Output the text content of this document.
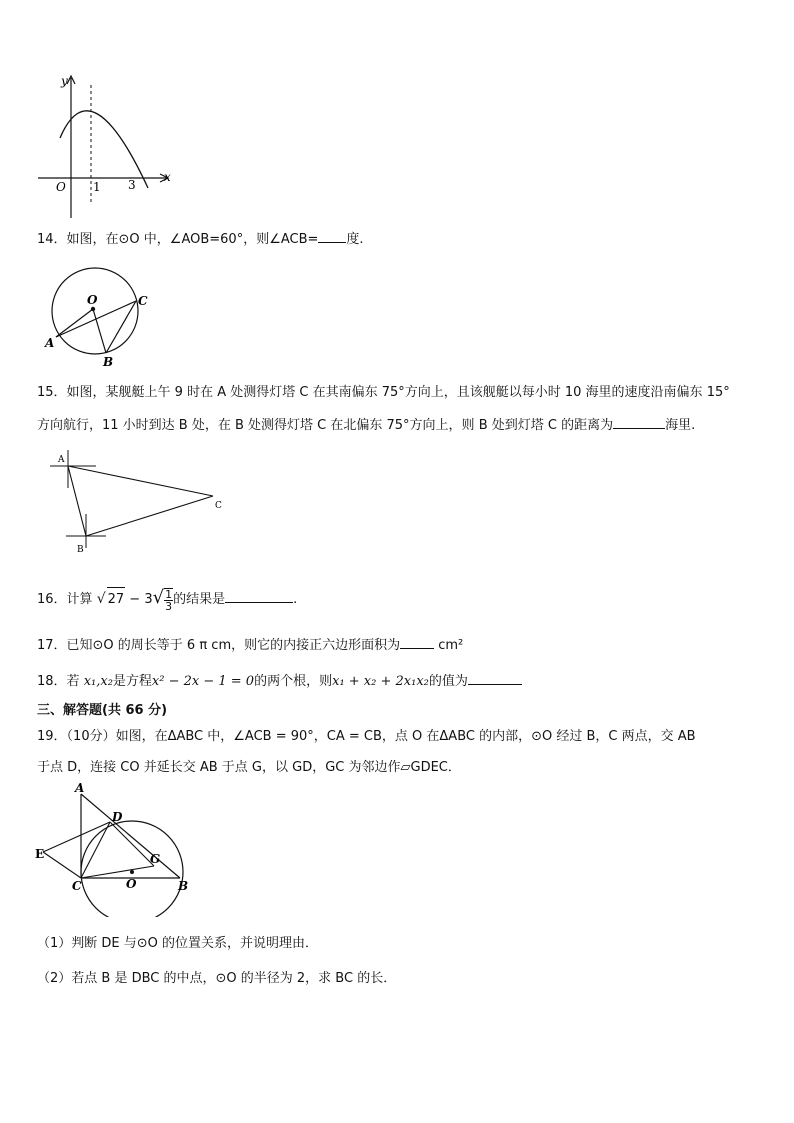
y
x
O 1 3
14．如图，在⊙O 中，∠AOB=60°，则∠ACB= 度.
O
A
B
C
15．如图，某舰艇上午 9 时在 A 处测得灯塔 C 在其南偏东 75°方向上，且该舰艇以每小时 10 海里的速度沿南偏东 15°
方向航行，11 小时到达 B 处，在 B 处测得灯塔 C 在北偏东 75°方向上，则 B 处到灯塔 C 的距离为	海里.
A
B
C
16．计算 √ $27 - 3√ \frac{1}{3}$ 的结果是	.
17．已知⊙O 的周长等于 6 π cm，则它的内接正六边形面积为	cm²
18．若 x₁,x₂是方程x² − 2x − 1 = 0的两个根，则x₁ + x₂ + 2x₁x₂的值为
三、解答题(共 66 分)
19．（10分）如图，在ΔABC 中，∠ACB = 90°，CA = CB，点 O 在ΔABC 的内部，⊙O 经过 B，C 两点，交 AB
于点 D，连接 CO 并延长交 AB 于点 G，以 GD，GC 为邻边作▱GDEC．
A
D
E	G
O
C	B
（1）判断 DE 与⊙O 的位置关系，并说明理由．
（2）若点 B 是 DBC 的中点，⊙O 的半径为 2，求 BC 的长．
